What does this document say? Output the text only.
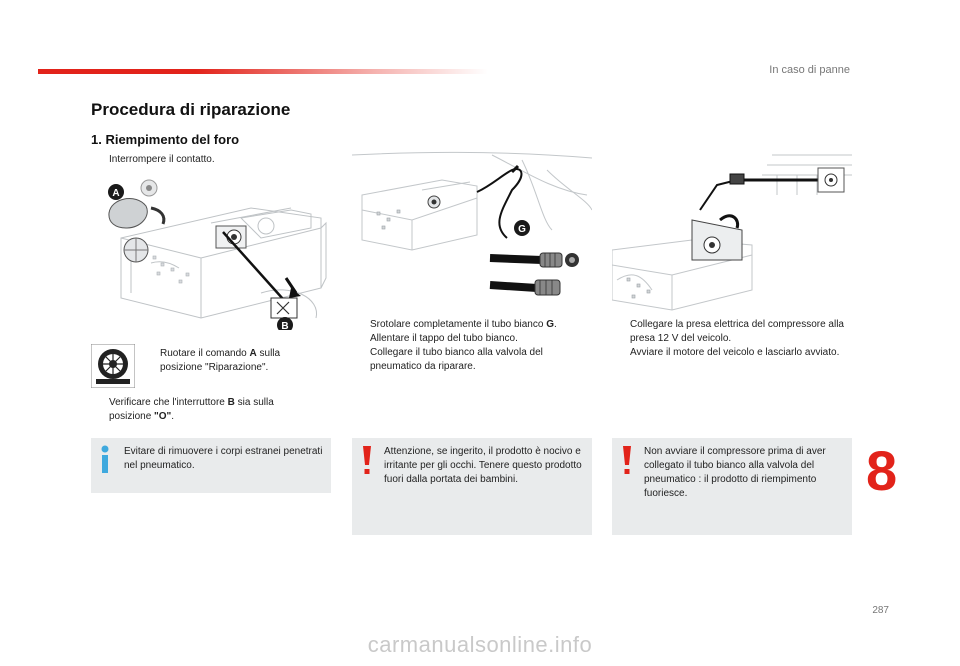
In caso di panne
Procedura di riparazione
1. Riempimento del foro
Interrompere il contatto.
A
B
Ruotare il comando A sulla posizione "Riparazione".
Verificare che l'interruttore B sia sulla posizione "O".
G
Srotolare completamente il tubo bianco G.
Allentare il tappo del tubo bianco.
Collegare il tubo bianco alla valvola del pneumatico da riparare.
Collegare la presa elettrica del compressore alla presa 12 V del veicolo.
Avviare il motore del veicolo e lasciarlo avviato.
Evitare di rimuovere i corpi estranei penetrati nel pneumatico.
Attenzione, se ingerito, il prodotto è nocivo e irritante per gli occhi. Tenere questo prodotto fuori dalla portata dei bambini.
Non avviare il compressore prima di aver collegato il tubo bianco alla valvola del pneumatico : il prodotto di riempimento fuoriesce.	8
287
carmanualsonline.info
